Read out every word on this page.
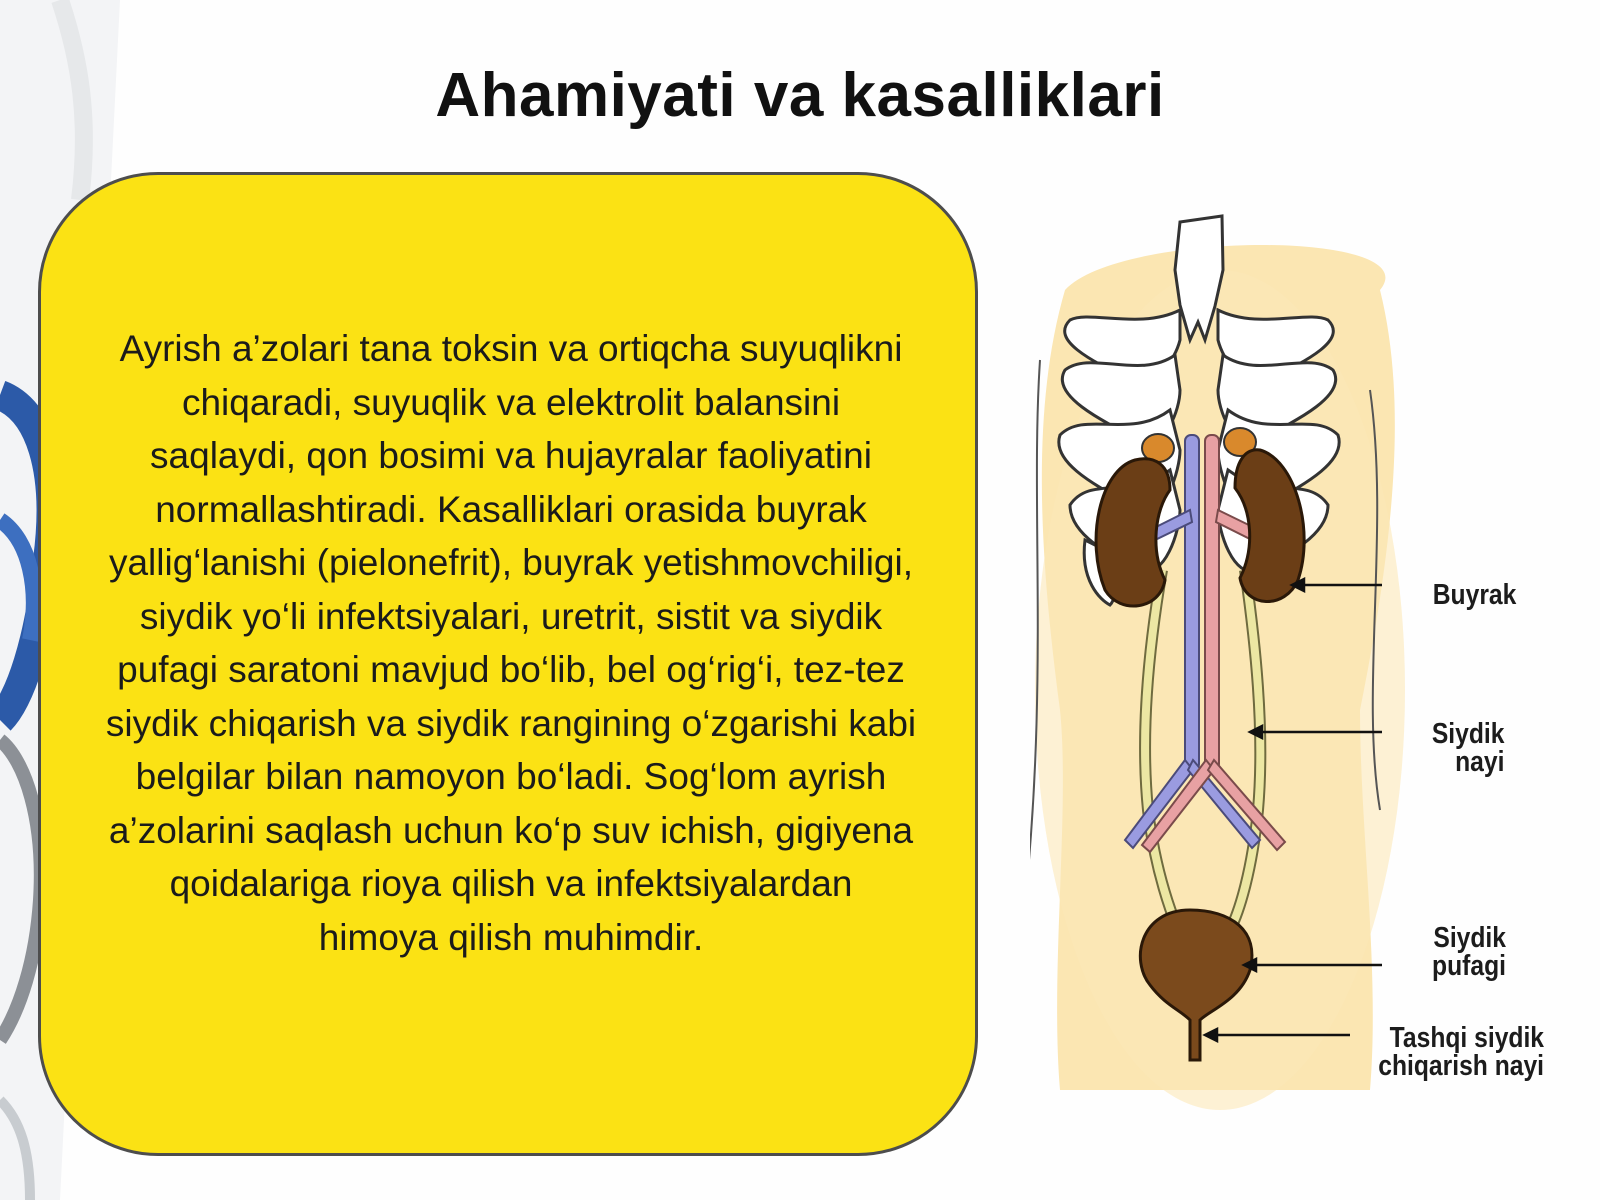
Ahamiyati va kasalliklari

Ayrish a’zolari tana toksin va ortiqcha suyuqlikni chiqaradi, suyuqlik va elektrolit balansini saqlaydi, qon bosimi va hujayralar faoliyatini normallashtiradi. Kasalliklari orasida buyrak yallig‘lanishi (pielonefrit), buyrak yetishmovchiligi, siydik yo‘li infektsiyalari, uretrit, sistit va siydik pufagi saratoni mavjud bo‘lib, bel og‘rig‘i, tez-tez siydik chiqarish va siydik rangining o‘zgarishi kabi belgilar bilan namoyon bo‘ladi. Sog‘lom ayrish a’zolarini saqlash uchun ko‘p suv ichish, gigiyena qoidalariga rioya qilish va infektsiyalardan himoya qilish muhimdir.

Buyrak
Siydik
nayi
Siydik
pufagi
Tashqi siydik
chiqarish nayi
